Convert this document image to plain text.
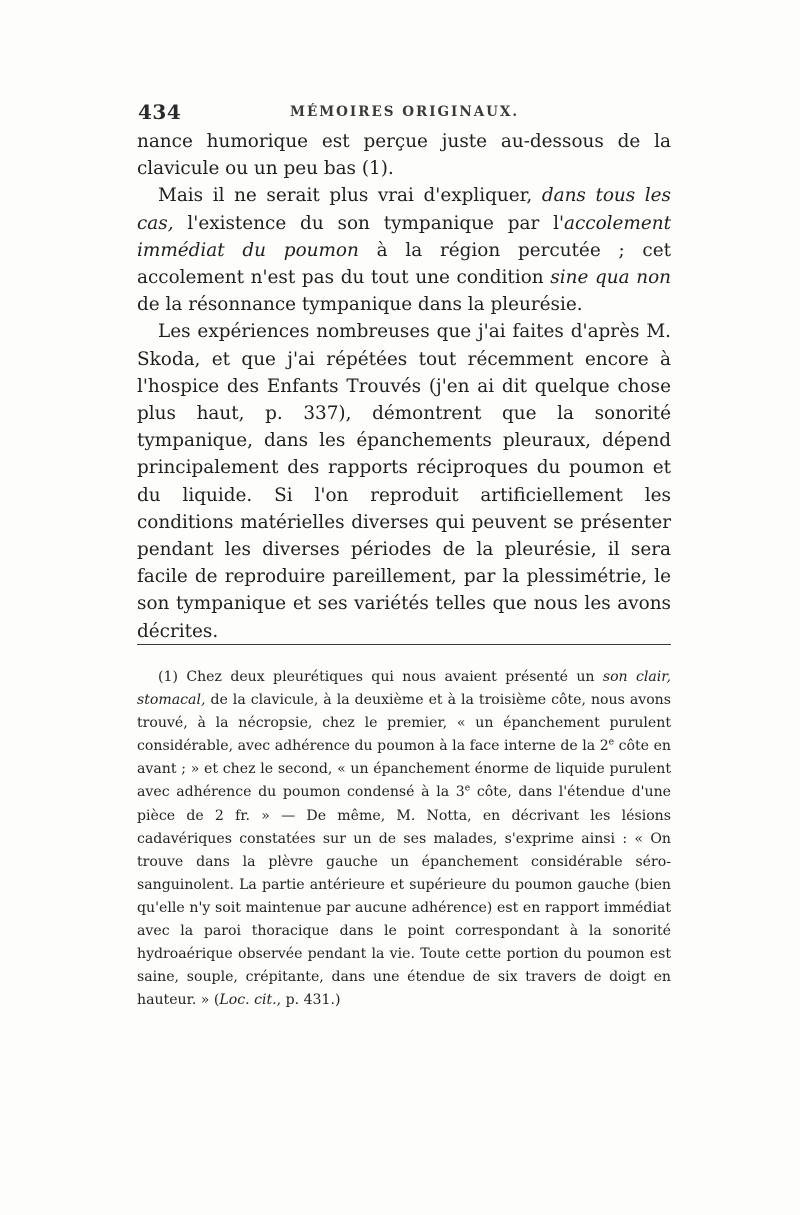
434	MÉMOIRES ORIGINAUX.

nance humorique est perçue juste au-dessous de la clavicule ou un peu bas (1).

Mais il ne serait plus vrai d'expliquer, dans tous les cas, l'existence du son tympanique par l'accolement immédiat du poumon à la région percutée ; cet accolement n'est pas du tout une condition sine qua non de la résonnance tympanique dans la pleurésie.

Les expériences nombreuses que j'ai faites d'après M. Skoda, et que j'ai répétées tout récemment encore à l'hospice des Enfants Trouvés (j'en ai dit quelque chose plus haut, p. 337), démontrent que la sonorité tympanique, dans les épanchements pleuraux, dépend principalement des rapports réciproques du poumon et du liquide. Si l'on reproduit artificiellement les conditions matérielles diverses qui peuvent se présenter pendant les diverses périodes de la pleurésie, il sera facile de reproduire pareillement, par la plessimétrie, le son tympanique et ses variétés telles que nous les avons décrites.

(1) Chez deux pleurétiques qui nous avaient présenté un son clair, stomacal, de la clavicule, à la deuxième et à la troisième côte, nous avons trouvé, à la nécropsie, chez le premier, « un épanchement purulent considérable, avec adhérence du poumon à la face interne de la 2e côte en avant ; » et chez le second, « un épanchement énorme de liquide purulent avec adhérence du poumon condensé à la 3e côte, dans l'étendue d'une pièce de 2 fr. » — De même, M. Notta, en décrivant les lésions cadavériques constatées sur un de ses malades, s'exprime ainsi : « On trouve dans la plèvre gauche un épanchement considérable séro-sanguinolent. La partie antérieure et supérieure du poumon gauche (bien qu'elle n'y soit maintenue par aucune adhérence) est en rapport immédiat avec la paroi thoracique dans le point correspondant à la sonorité hydroaérique observée pendant la vie. Toute cette portion du poumon est saine, souple, crépitante, dans une étendue de six travers de doigt en hauteur. » (Loc. cit., p. 431.)
